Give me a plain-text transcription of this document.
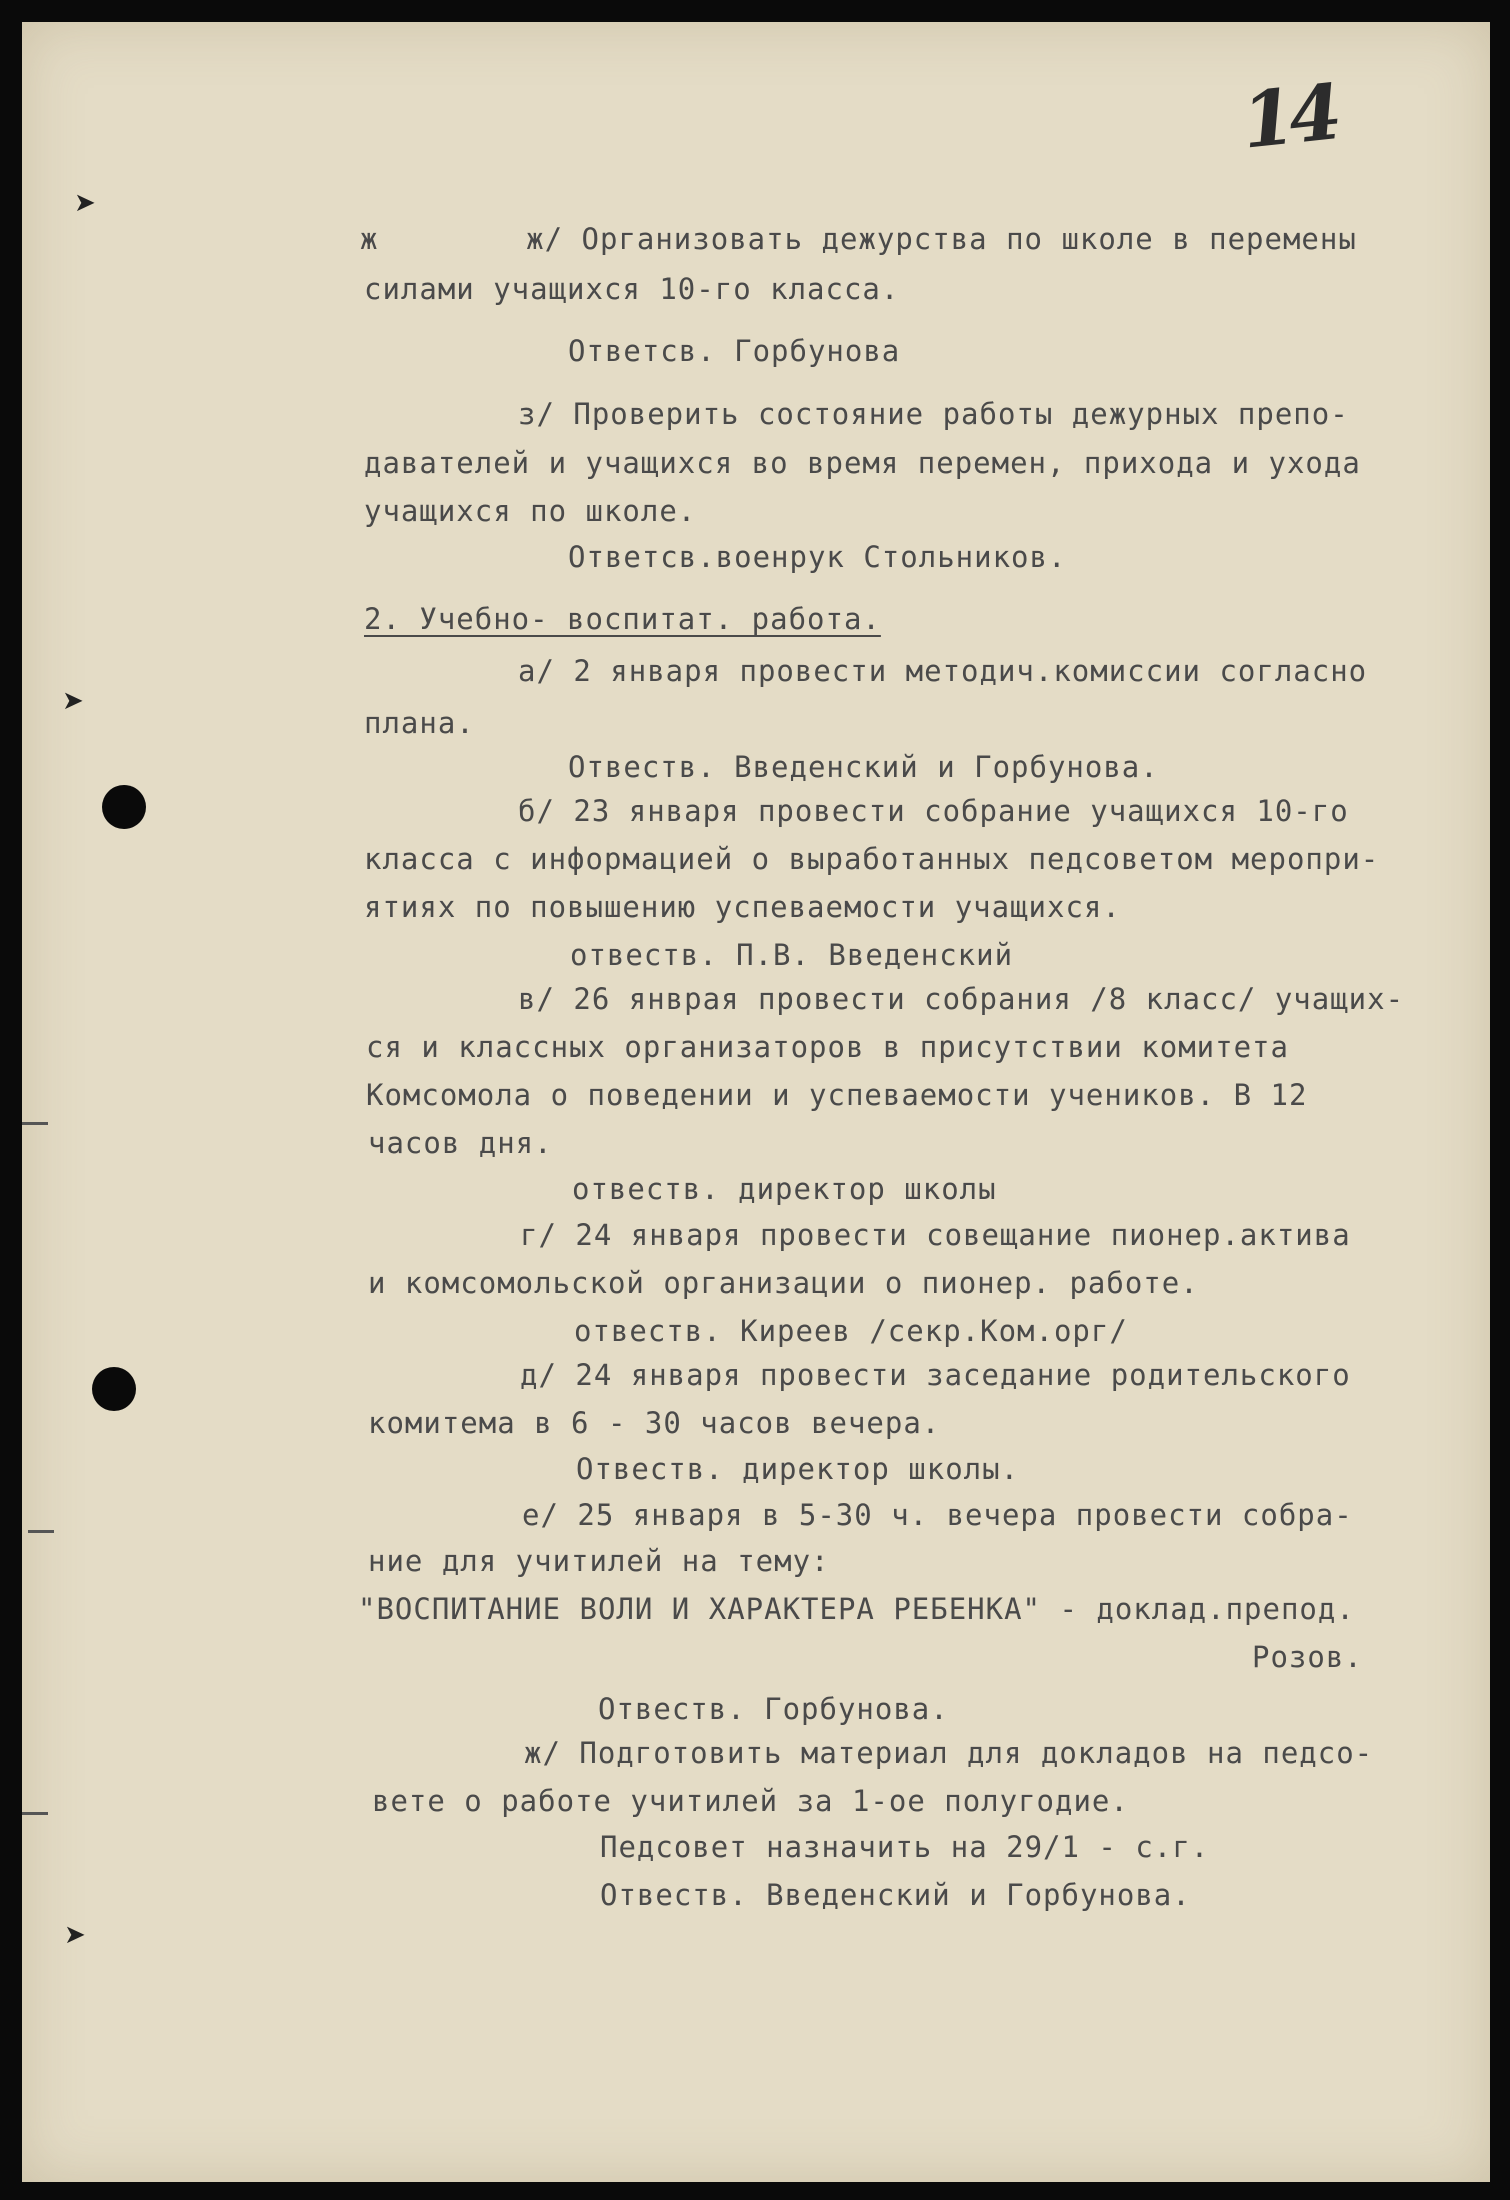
14
➤
➤
➤
ж        ж/ Организовать дежурства по школе в перемены
силами учащихся 10-го класса.
Ответсв. Горбунова
з/ Проверить состояние работы дежурных препо-
давателей и учащихся во время перемен, прихода и ухода
учащихся по школе.
Ответсв.военрук Стольников.
2. Учебно- воспитат. работа.
а/ 2 января провести методич.комиссии согласно
плана.
Отвеств. Введенский и Горбунова.
б/ 23 января провести собрание учащихся 10-го
класса с информацией о выработанных педсоветом меропри-
ятиях по повышению успеваемости учащихся.
отвеств. П.В. Введенский
в/ 26 янврая провести собрания /8 класс/ учащих-
ся и классных организаторов в присутствии комитета
Комсомола о поведении и успеваемости учеников. В 12
часов дня.
отвеств. директор школы
г/ 24 января провести совещание пионер.актива
и комсомольской организации о пионер. работе.
отвеств. Киреев /секр.Ком.орг/
д/ 24 января провести заседание родительского
комитема в 6 - 30 часов вечера.
Отвеств. директор школы.
е/ 25 января в 5-30 ч. вечера провести собра-
ние для учитилей на тему:
"ВОСПИТАНИЕ ВОЛИ И ХАРАКТЕРА РЕБЕНКА" - доклад.препод.
Розов.
Отвеств. Горбунова.
ж/ Подготовить материал для докладов на педсо-
вете о работе учитилей за 1-ое полугодие.
Педсовет назначить на 29/1 - с.г.
Отвеств. Введенский и Горбунова.
